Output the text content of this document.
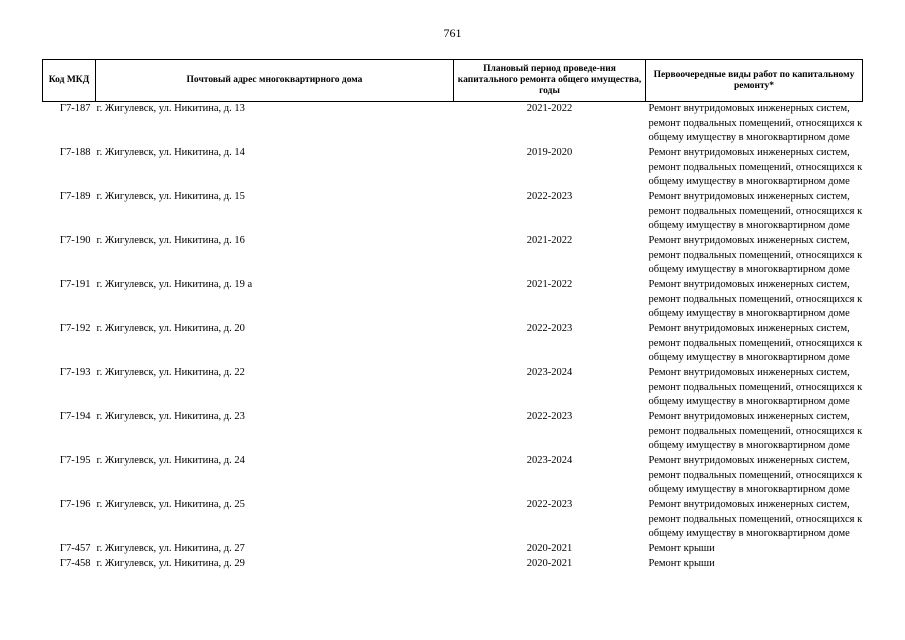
761
Код МКД	Почтовый адрес многоквартирного дома	Плановый период проведе-ния капитального ремонта общего имущества, годы	Первоочередные виды работ по капитальному ремонту*
Г7-187	г. Жигулевск, ул. Никитина, д. 13	2021-2022	Ремонт внутридомовых инженерных систем, ремонт подвальных помещений, относящихся к общему имуществу в многоквартирном доме
Г7-188	г. Жигулевск, ул. Никитина, д. 14	2019-2020	Ремонт внутридомовых инженерных систем, ремонт подвальных помещений, относящихся к общему имуществу в многоквартирном доме
Г7-189	г. Жигулевск, ул. Никитина, д. 15	2022-2023	Ремонт внутридомовых инженерных систем, ремонт подвальных помещений, относящихся к общему имуществу в многоквартирном доме
Г7-190	г. Жигулевск, ул. Никитина, д. 16	2021-2022	Ремонт внутридомовых инженерных систем, ремонт подвальных помещений, относящихся к общему имуществу в многоквартирном доме
Г7-191	г. Жигулевск, ул. Никитина, д. 19 а	2021-2022	Ремонт внутридомовых инженерных систем, ремонт подвальных помещений, относящихся к общему имуществу в многоквартирном доме
Г7-192	г. Жигулевск, ул. Никитина, д. 20	2022-2023	Ремонт внутридомовых инженерных систем, ремонт подвальных помещений, относящихся к общему имуществу в многоквартирном доме
Г7-193	г. Жигулевск, ул. Никитина, д. 22	2023-2024	Ремонт внутридомовых инженерных систем, ремонт подвальных помещений, относящихся к общему имуществу в многоквартирном доме
Г7-194	г. Жигулевск, ул. Никитина, д. 23	2022-2023	Ремонт внутридомовых инженерных систем, ремонт подвальных помещений, относящихся к общему имуществу в многоквартирном доме
Г7-195	г. Жигулевск, ул. Никитина, д. 24	2023-2024	Ремонт внутридомовых инженерных систем, ремонт подвальных помещений, относящихся к общему имуществу в многоквартирном доме
Г7-196	г. Жигулевск, ул. Никитина, д. 25	2022-2023	Ремонт внутридомовых инженерных систем, ремонт подвальных помещений, относящихся к общему имуществу в многоквартирном доме
Г7-457	г. Жигулевск, ул. Никитина, д. 27	2020-2021	Ремонт крыши
Г7-458	г. Жигулевск, ул. Никитина, д. 29	2020-2021	Ремонт крыши
